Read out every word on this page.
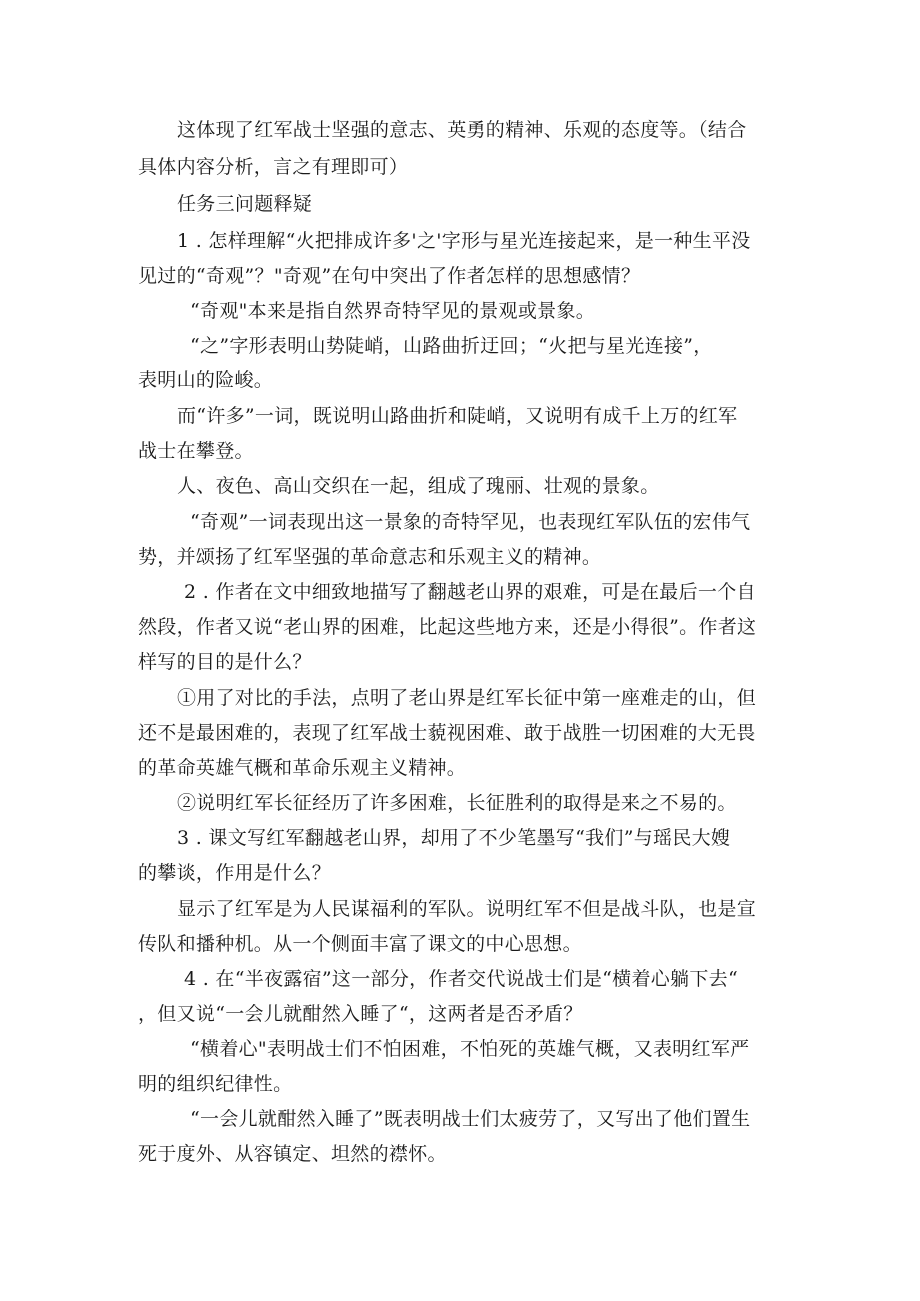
这体现了红军战士坚强的意志、英勇的精神、乐观的态度等。（结合
具体内容分析，言之有理即可）
任务三问题释疑
1 . 怎样理解“火把排成许多'之'字形与星光连接起来，是一种生平没
见过的“奇观”？"奇观”在句中突出了作者怎样的思想感情？
“奇观"本来是指自然界奇特罕见的景观或景象。
“之”字形表明山势陡峭，山路曲折迂回；“火把与星光连接”，
表明山的险峻。
而“许多”一词，既说明山路曲折和陡峭，又说明有成千上万的红军
战士在攀登。
人、夜色、高山交织在一起，组成了瑰丽、壮观的景象。
“奇观”一词表现出这一景象的奇特罕见，也表现红军队伍的宏伟气
势，并颂扬了红军坚强的革命意志和乐观主义的精神。
2 . 作者在文中细致地描写了翻越老山界的艰难，可是在最后一个自
然段，作者又说“老山界的困难，比起这些地方来，还是小得很”。作者这
样写的目的是什么？
①用了对比的手法，点明了老山界是红军长征中第一座难走的山，但
还不是最困难的，表现了红军战士藐视困难、敢于战胜一切困难的大无畏
的革命英雄气概和革命乐观主义精神。
②说明红军长征经历了许多困难，长征胜利的取得是来之不易的。
3 . 课文写红军翻越老山界，却用了不少笔墨写“我们”与瑶民大嫂
的攀谈，作用是什么？
显示了红军是为人民谋福利的军队。说明红军不但是战斗队，也是宣
传队和播种机。从一个侧面丰富了课文的中心思想。
4 . 在“半夜露宿”这一部分，作者交代说战士们是“横着心躺下去“
，但又说“一会儿就酣然入睡了“，这两者是否矛盾？
“横着心"表明战士们不怕困难，不怕死的英雄气概，又表明红军严
明的组织纪律性。
“一会儿就酣然入睡了”既表明战士们太疲劳了，又写出了他们置生
死于度外、从容镇定、坦然的襟怀。
